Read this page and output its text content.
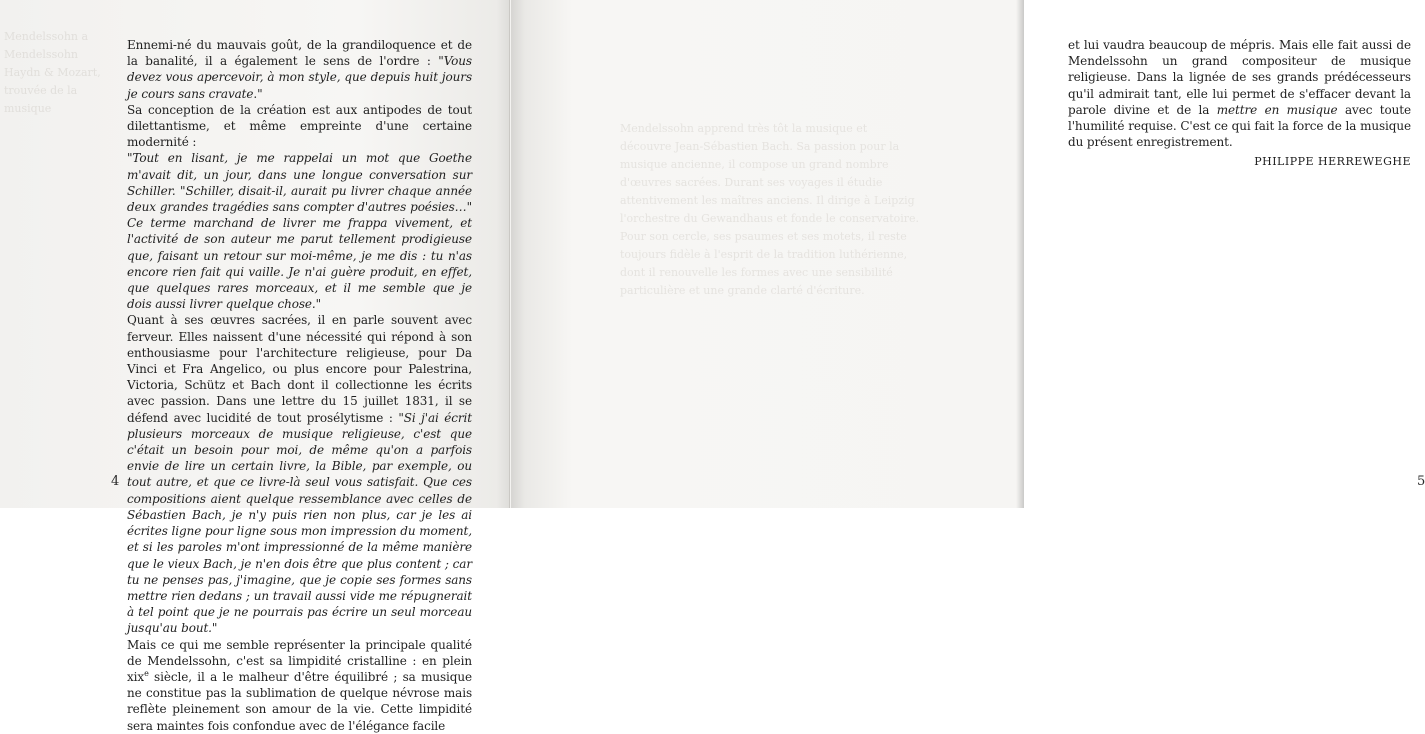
Mendelssohn a Mendelssohn Haydn & Mozart, trouvée de la musique

Ennemi-né du mauvais goût, de la grandiloquence et de la banalité, il a également le sens de l'ordre : "Vous devez vous apercevoir, à mon style, que depuis huit jours je cours sans cravate."

Sa conception de la création est aux antipodes de tout dilettantisme, et même empreinte d'une certaine modernité :

"Tout en lisant, je me rappelai un mot que Goethe m'avait dit, un jour, dans une longue conversation sur Schiller. "Schiller, disait-il, aurait pu livrer chaque année deux grandes tragédies sans compter d'autres poésies…" Ce terme marchand de livrer me frappa vivement, et l'activité de son auteur me parut tellement prodigieuse que, faisant un retour sur moi-même, je me dis : tu n'as encore rien fait qui vaille. Je n'ai guère produit, en effet, que quelques rares morceaux, et il me semble que je dois aussi livrer quelque chose."

Quant à ses œuvres sacrées, il en parle souvent avec ferveur. Elles naissent d'une nécessité qui répond à son enthousiasme pour l'architecture religieuse, pour Da Vinci et Fra Angelico, ou plus encore pour Palestrina, Victoria, Schütz et Bach dont il collectionne les écrits avec passion. Dans une lettre du 15 juillet 1831, il se défend avec lucidité de tout prosélytisme : "Si j'ai écrit plusieurs morceaux de musique religieuse, c'est que c'était un besoin pour moi, de même qu'on a parfois envie de lire un certain livre, la Bible, par exemple, ou tout autre, et que ce livre-là seul vous satisfait. Que ces compositions aient quelque ressemblance avec celles de Sébastien Bach, je n'y puis rien non plus, car je les ai écrites ligne pour ligne sous mon impression du moment, et si les paroles m'ont impressionné de la même manière que le vieux Bach, je n'en dois être que plus content ; car tu ne penses pas, j'imagine, que je copie ses formes sans mettre rien dedans ; un travail aussi vide me répugnerait à tel point que je ne pourrais pas écrire un seul morceau jusqu'au bout."

Mais ce qui me semble représenter la principale qualité de Mendelssohn, c'est sa limpidité cristalline : en plein xix$^e$ siècle, il a le malheur d'être équilibré ; sa musique ne constitue pas la sublimation de quelque névrose mais reflète pleinement son amour de la vie. Cette limpidité sera maintes fois confondue avec de l'élégance facile

4

et lui vaudra beaucoup de mépris. Mais elle fait aussi de Mendelssohn un grand compositeur de musique religieuse. Dans la lignée de ses grands prédécesseurs qu'il admirait tant, elle lui permet de s'effacer devant la parole divine et de la mettre en musique avec toute l'humilité requise. C'est ce qui fait la force de la musique du présent enregistrement.

PHILIPPE HERREWEGHE
5
Mendelssohn apprend très tôt la musique et découvre Jean-Sébastien Bach. Sa passion pour la musique ancienne, il compose un grand nombre d'œuvres sacrées. Durant ses voyages il étudie attentivement les maîtres anciens. Il dirige à Leipzig l'orchestre du Gewandhaus et fonde le conservatoire. Pour son cercle, ses psaumes et ses motets, il reste toujours fidèle à l'esprit de la tradition luthérienne, dont il renouvelle les formes avec une sensibilité particulière et une grande clarté d'écriture.
